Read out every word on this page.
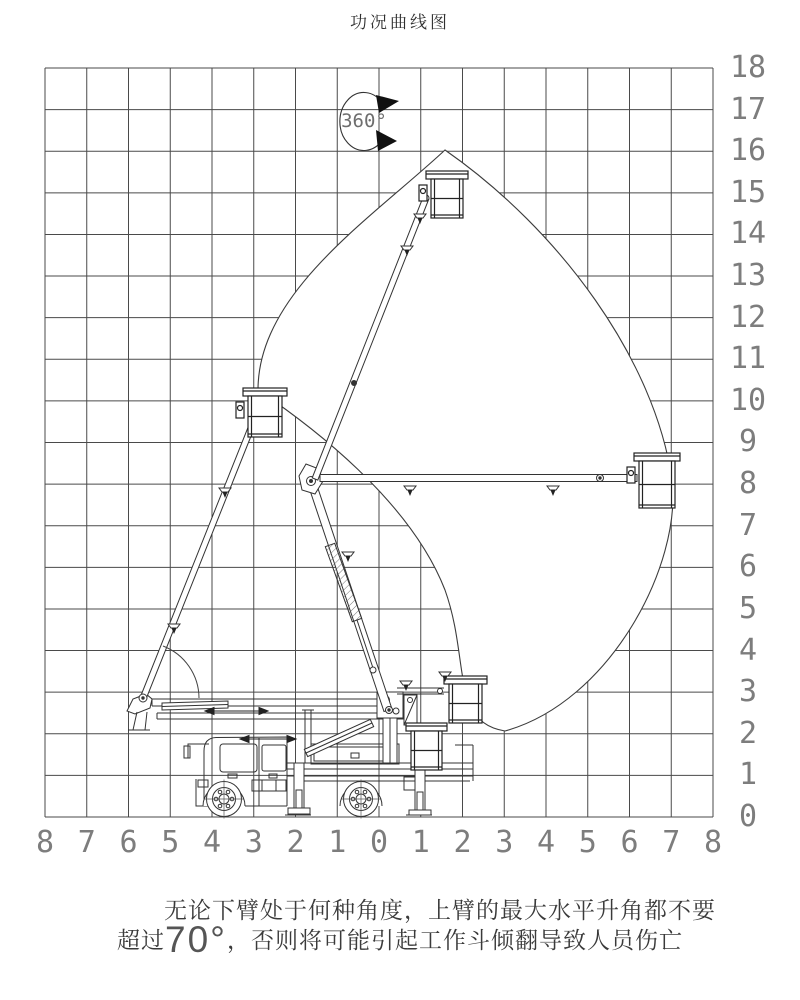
功况曲线图
360°
8 7 6 5 4 3 2 1 0 1 2 3 4 5 6 7 8
18
17
16
15
14
13
12
11
10
9
8
7
6
5
4
3
2
1
0
无论下臂处于何种角度，上臂的最大水平升角都不要
超过70°，否则将可能引起工作斗倾翻导致人员伤亡
